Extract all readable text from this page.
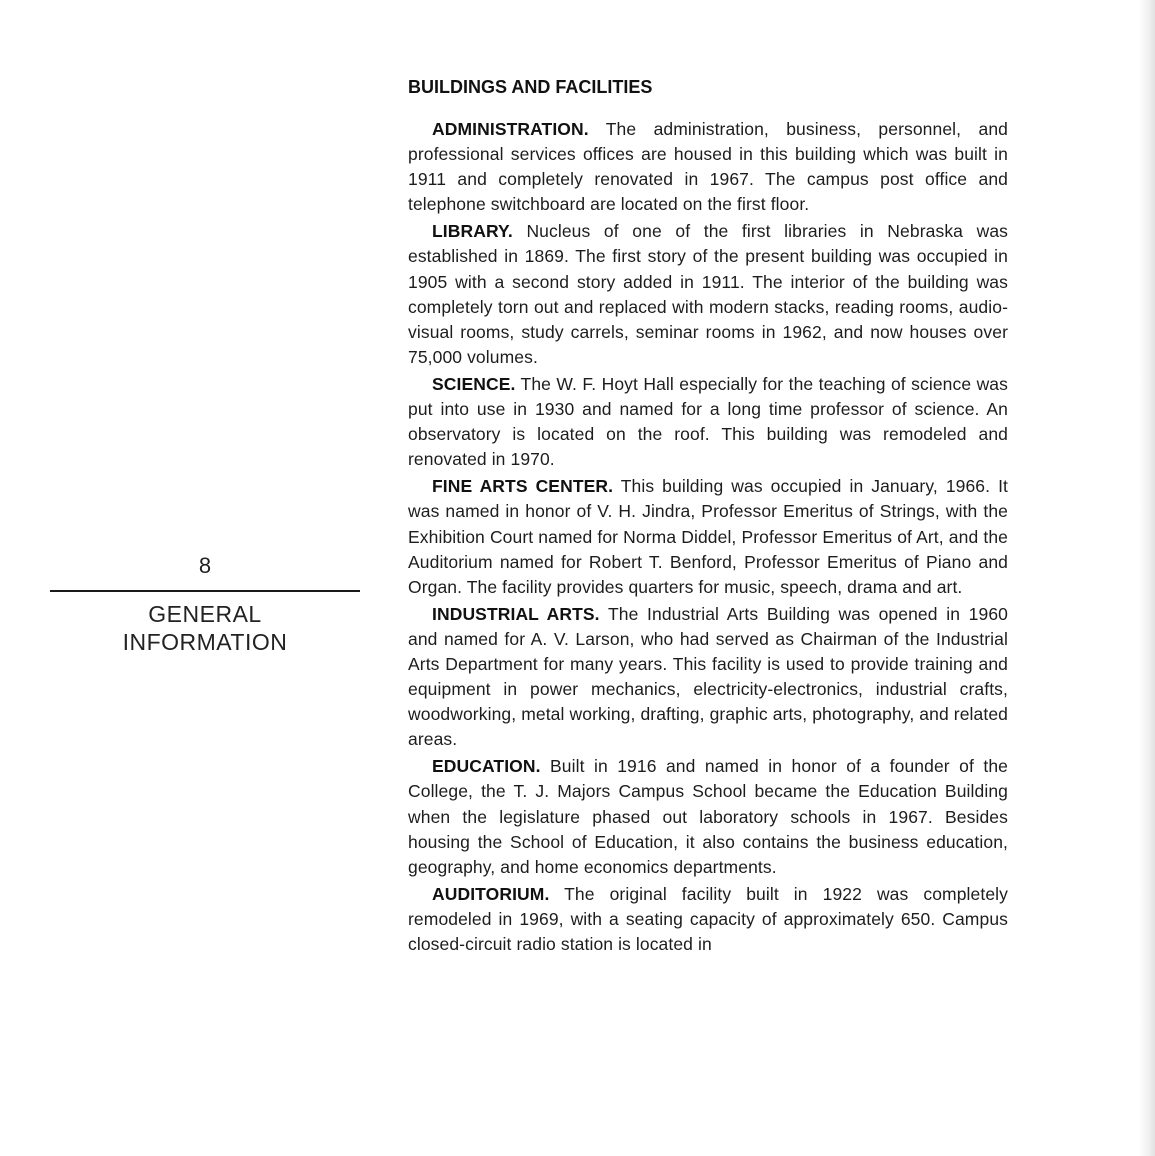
8
GENERAL
INFORMATION
BUILDINGS AND FACILITIES

ADMINISTRATION. The administration, business, personnel, and professional services offices are housed in this building which was built in 1911 and completely renovated in 1967. The campus post office and telephone switchboard are located on the first floor.

LIBRARY. Nucleus of one of the first libraries in Nebraska was established in 1869. The first story of the present building was occupied in 1905 with a second story added in 1911. The interior of the building was completely torn out and replaced with modern stacks, reading rooms, audio-visual rooms, study carrels, seminar rooms in 1962, and now houses over 75,000 volumes.

SCIENCE. The W. F. Hoyt Hall especially for the teaching of science was put into use in 1930 and named for a long time professor of science. An observatory is located on the roof. This building was remodeled and renovated in 1970.

FINE ARTS CENTER. This building was occupied in January, 1966. It was named in honor of V. H. Jindra, Professor Emeritus of Strings, with the Exhibition Court named for Norma Diddel, Professor Emeritus of Art, and the Auditorium named for Robert T. Benford, Professor Emeritus of Piano and Organ. The facility provides quarters for music, speech, drama and art.

INDUSTRIAL ARTS. The Industrial Arts Building was opened in 1960 and named for A. V. Larson, who had served as Chairman of the Industrial Arts Department for many years. This facility is used to provide training and equipment in power mechanics, electricity-electronics, industrial crafts, woodworking, metal working, drafting, graphic arts, photography, and related areas.

EDUCATION. Built in 1916 and named in honor of a founder of the College, the T. J. Majors Campus School became the Education Building when the legislature phased out laboratory schools in 1967. Besides housing the School of Education, it also contains the business education, geography, and home economics departments.

AUDITORIUM. The original facility built in 1922 was completely remodeled in 1969, with a seating capacity of approximately 650. Campus closed-circuit radio station is located in
